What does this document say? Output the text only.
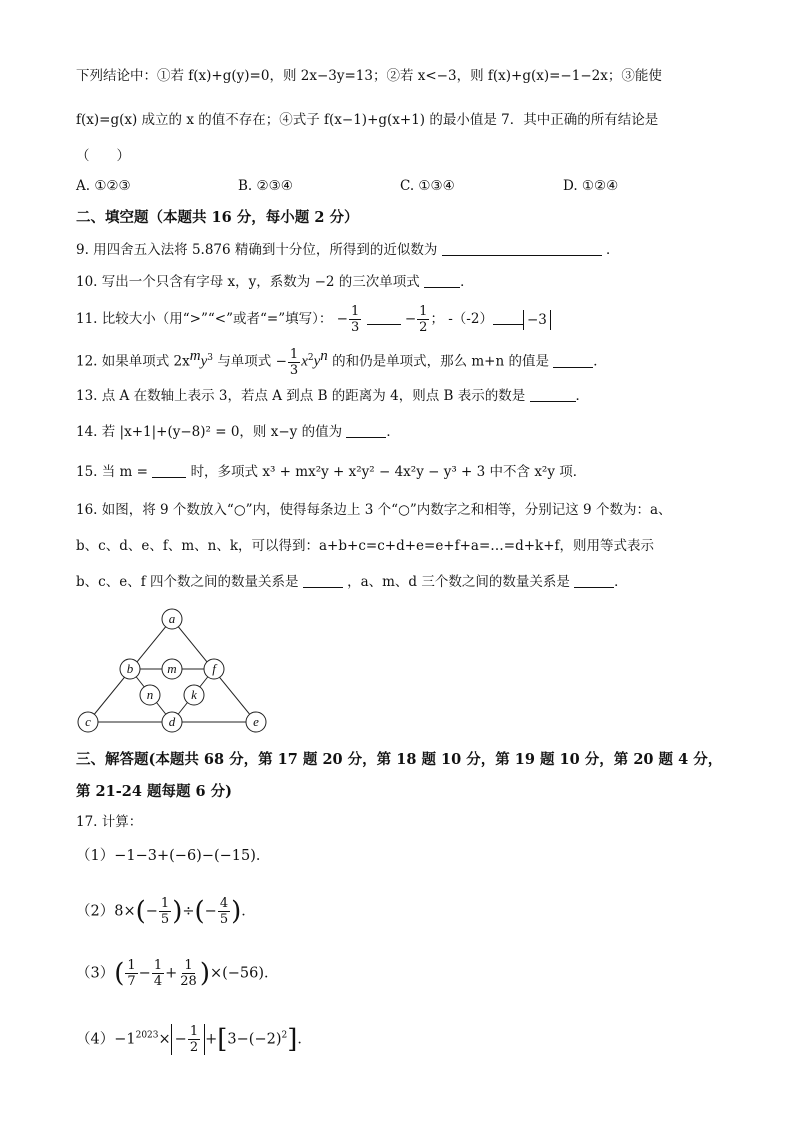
下列结论中：①若 f(x)+g(y)=0，则 2x−3y=13；②若 x<−3，则 f(x)+g(x)=−1−2x；③能使
f(x)=g(x) 成立的 x 的值不存在；④式子 f(x−1)+g(x+1) 的最小值是 7．其中正确的所有结论是
（　　）
A. ①②③	B. ②③④	C. ①③④	D. ①②④
二、填空题（本题共 16 分，每小题 2 分）
9. 用四舍五入法将 5.876 精确到十分位，所得到的近似数为	．
10. 写出一个只含有字母 x，y，系数为 −2 的三次单项式	．
11. 比较大小（用“>”“<”或者“=”填写）： − $\frac{1}{3}$	− $\frac{1}{2}$ ； -（-2）	−3
12. 如果单项式 $2x^my^3$ 与单项式 − $\frac{1}{3} x^2y^n$ 的和仍是单项式，那么 m+n 的值是	．
13. 点 A 在数轴上表示 3，若点 A 到点 B 的距离为 4，则点 B 表示的数是	．
14. 若 |x+1|+(y−8)² = 0，则 x−y 的值为	．
15. 当 m =	时，多项式 x³ + mx²y + x²y² − 4x²y − y³ + 3 中不含 x²y 项．
16. 如图，将 9 个数放入“○”内，使得每条边上 3 个“○”内数字之和相等，分别记这 9 个数为：a、
b、c、d、e、f、m、n、k，可以得到：a+b+c=c+d+e=e+f+a=…=d+k+f，则用等式表示
b、c、e、f 四个数之间的数量关系是	，a、m、d 三个数之间的数量关系是	．
a
b	m	f
n	k
c	d	e
三、解答题(本题共 68 分，第 17 题 20 分，第 18 题 10 分，第 19 题 10 分，第 20 题 4 分，
第 21-24 题每题 6 分)
17. 计算：
（1）−1−3+(−6)−(−15)．
$(2)8\times(- \frac{1}{5}$ )÷(− $\frac{4}{5}$ )．
$(3)( \frac{1}{7} - \frac{1}{4} + \frac{1}{28} )\times(-56)$．
$(4)-1^{2023}\times - \frac{1}{2} +[3-(-2)^2]$．
